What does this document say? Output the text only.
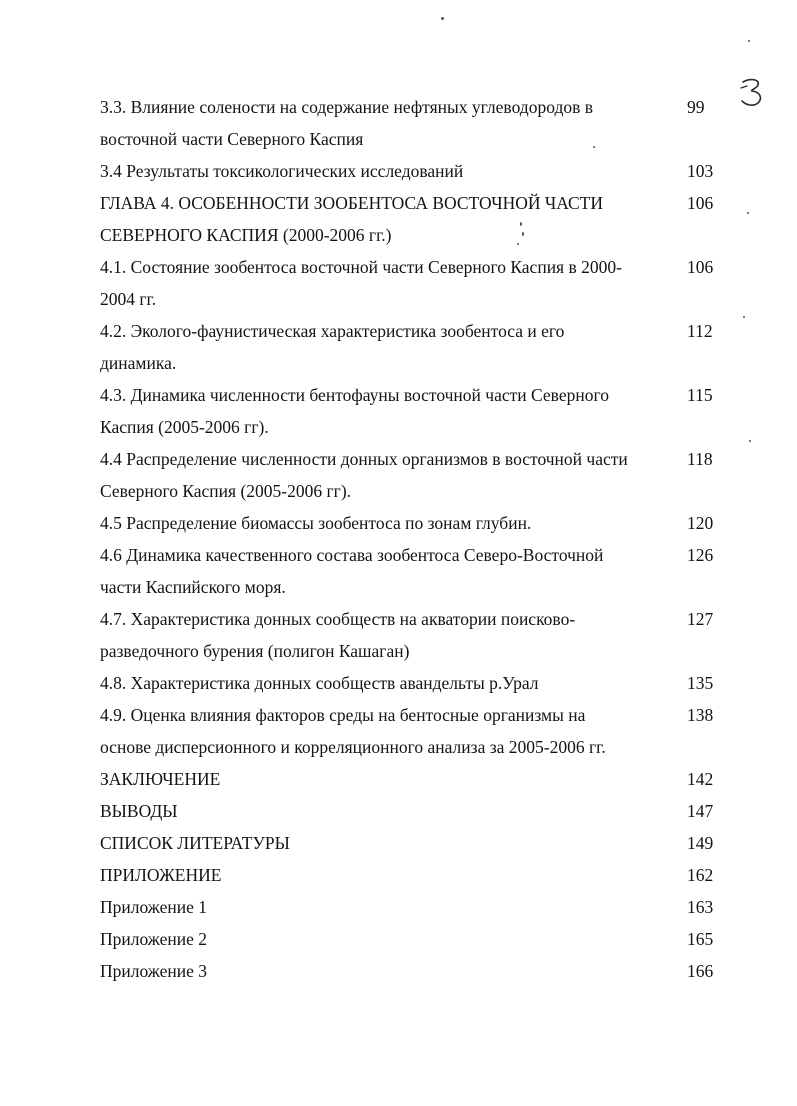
3.3. Влияние солености на содержание нефтяных углеводородов в
восточной части Северного Каспия
99
3.4 Результаты токсикологических исследований	103
ГЛАВА 4. ОСОБЕННОСТИ ЗООБЕНТОСА ВОСТОЧНОЙ ЧАСТИ
СЕВЕРНОГО КАСПИЯ (2000-2006 гг.)
106
4.1. Состояние зообентоса восточной части Северного Каспия в 2000-
2004 гг.
106
4.2. Эколого-фаунистическая характеристика зообентоса и его
динамика.
112
4.3. Динамика численности бентофауны восточной части Северного
Каспия (2005-2006 гг).
115
4.4 Распределение численности донных организмов в восточной части
Северного Каспия (2005-2006 гг).
118
4.5 Распределение биомассы зообентоса по зонам глубин.	120
4.6 Динамика качественного состава зообентоса Северо-Восточной
части Каспийского моря.
126
4.7. Характеристика донных сообществ на акватории поисково-
разведочного бурения (полигон Кашаган)
127
4.8. Характеристика донных сообществ авандельты р.Урал	135
4.9. Оценка влияния факторов среды на бентосные организмы на
основе дисперсионного и корреляционного анализа за 2005-2006 гг.
138
ЗАКЛЮЧЕНИЕ	142
ВЫВОДЫ	147
СПИСОК ЛИТЕРАТУРЫ	149
ПРИЛОЖЕНИЕ	162
Приложение 1	163
Приложение 2	165
Приложение 3	166
